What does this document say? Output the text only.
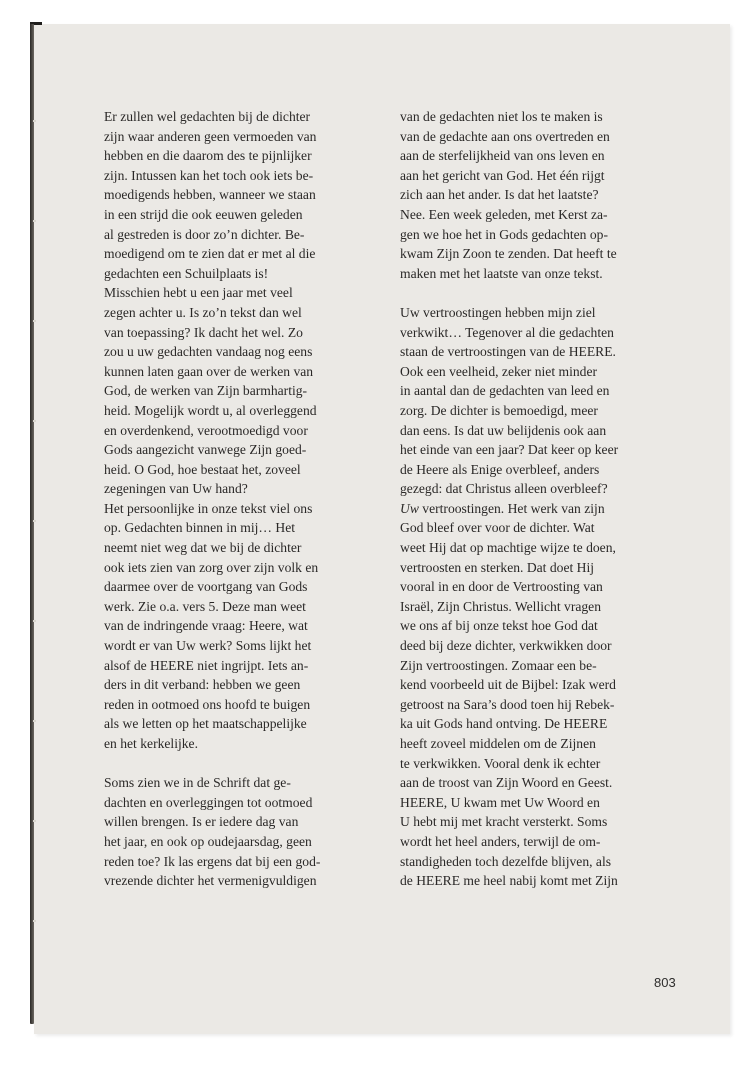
Er zullen wel gedachten bij de dichter
zijn waar anderen geen vermoeden van
hebben en die daarom des te pijnlijker
zijn. Intussen kan het toch ook iets be-
moedigends hebben, wanneer we staan
in een strijd die ook eeuwen geleden
al gestreden is door zo’n dichter. Be-
moedigend om te zien dat er met al die
gedachten een Schuilplaats is!
Misschien hebt u een jaar met veel
zegen achter u. Is zo’n tekst dan wel
van toepassing? Ik dacht het wel. Zo
zou u uw gedachten vandaag nog eens
kunnen laten gaan over de werken van
God, de werken van Zijn barmhartig-
heid. Mogelijk wordt u, al overleggend
en overdenkend, verootmoedigd voor
Gods aangezicht vanwege Zijn goed-
heid. O God, hoe bestaat het, zoveel
zegeningen van Uw hand?
Het persoonlijke in onze tekst viel ons
op. Gedachten binnen in mij… Het
neemt niet weg dat we bij de dichter
ook iets zien van zorg over zijn volk en
daarmee over de voortgang van Gods
werk. Zie o.a. vers 5. Deze man weet
van de indringende vraag: Heere, wat
wordt er van Uw werk? Soms lijkt het
alsof de HEERE niet ingrijpt. Iets an-
ders in dit verband: hebben we geen
reden in ootmoed ons hoofd te buigen
als we letten op het maatschappelijke
en het kerkelijke.

Soms zien we in de Schrift dat ge-
dachten en overleggingen tot ootmoed
willen brengen. Is er iedere dag van
het jaar, en ook op oudejaarsdag, geen
reden toe? Ik las ergens dat bij een god-
vrezende dichter het vermenigvuldigen

van de gedachten niet los te maken is
van de gedachte aan ons overtreden en
aan de sterfelijkheid van ons leven en
aan het gericht van God. Het één rijgt
zich aan het ander. Is dat het laatste?
Nee. Een week geleden, met Kerst za-
gen we hoe het in Gods gedachten op-
kwam Zijn Zoon te zenden. Dat heeft te
maken met het laatste van onze tekst.

Uw vertroostingen hebben mijn ziel
verkwikt… Tegenover al die gedachten
staan de vertroostingen van de HEERE.
Ook een veelheid, zeker niet minder
in aantal dan de gedachten van leed en
zorg. De dichter is bemoedigd, meer
dan eens. Is dat uw belijdenis ook aan
het einde van een jaar? Dat keer op keer
de Heere als Enige overbleef, anders
gezegd: dat Christus alleen overbleef?
Uw vertroostingen. Het werk van zijn
God bleef over voor de dichter. Wat
weet Hij dat op machtige wijze te doen,
vertroosten en sterken. Dat doet Hij
vooral in en door de Vertroosting van
Israël, Zijn Christus. Wellicht vragen
we ons af bij onze tekst hoe God dat
deed bij deze dichter, verkwikken door
Zijn vertroostingen. Zomaar een be-
kend voorbeeld uit de Bijbel: Izak werd
getroost na Sara’s dood toen hij Rebek-
ka uit Gods hand ontving. De HEERE
heeft zoveel middelen om de Zijnen
te verkwikken. Vooral denk ik echter
aan de troost van Zijn Woord en Geest.
HEERE, U kwam met Uw Woord en
U hebt mij met kracht versterkt. Soms
wordt het heel anders, terwijl de om-
standigheden toch dezelfde blijven, als
de HEERE me heel nabij komt met Zijn

803
